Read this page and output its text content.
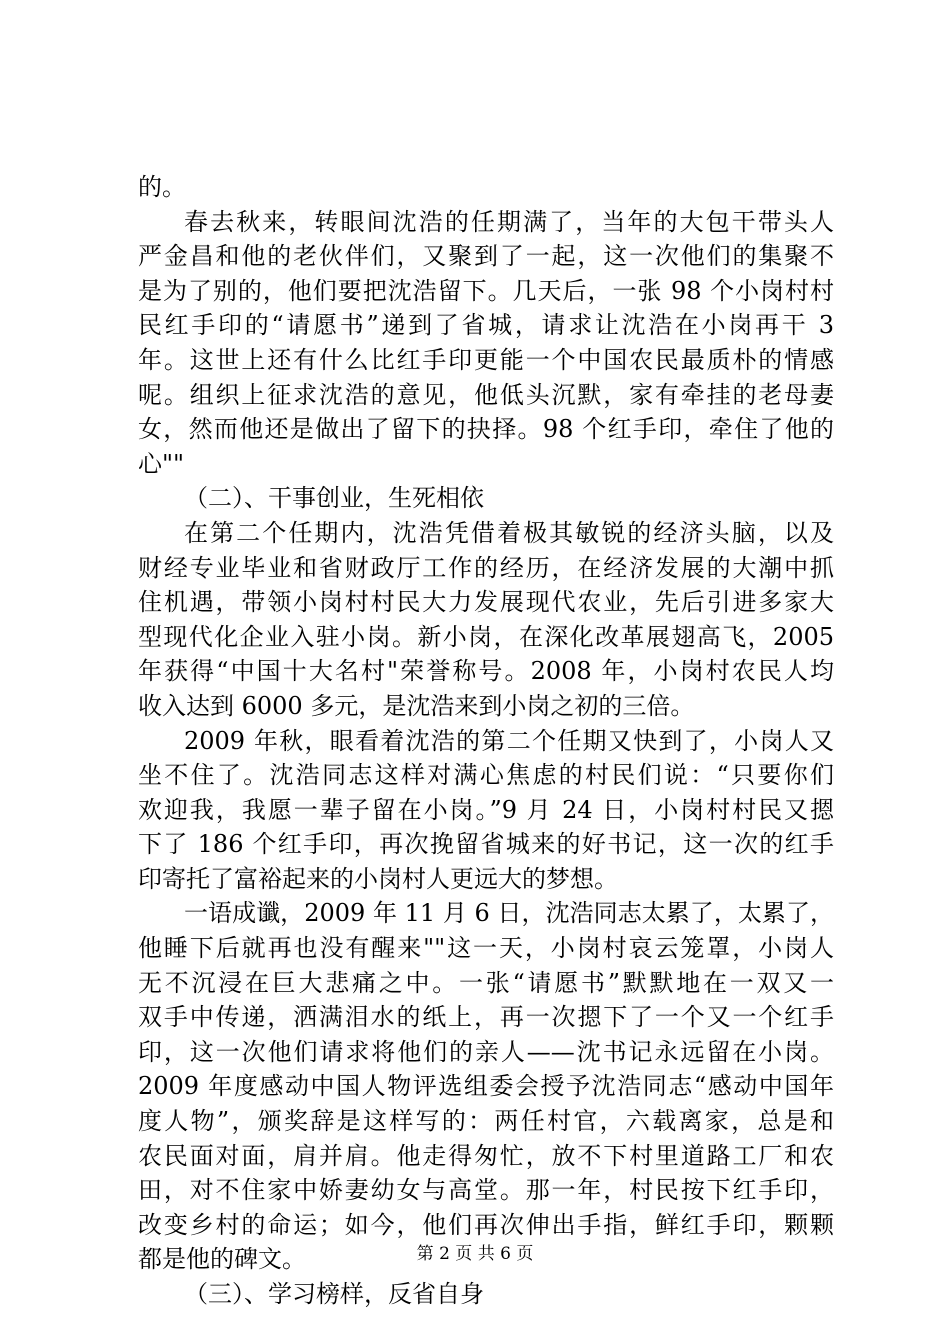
的。
春去秋来，转眼间沈浩的任期满了，当年的大包干带头人
严金昌和他的老伙伴们，又聚到了一起，这一次他们的集聚不
是为了别的，他们要把沈浩留下。几天后，一张 98 个小岗村村
民红手印的“请愿书”递到了省城，请求让沈浩在小岗再干 3
年。这世上还有什么比红手印更能一个中国农民最质朴的情感
呢。组织上征求沈浩的意见，他低头沉默，家有牵挂的老母妻
女，然而他还是做出了留下的抉择。98 个红手印，牵住了他的
心""
（二）、干事创业，生死相依
在第二个任期内，沈浩凭借着极其敏锐的经济头脑，以及
财经专业毕业和省财政厅工作的经历，在经济发展的大潮中抓
住机遇，带领小岗村村民大力发展现代农业，先后引进多家大
型现代化企业入驻小岗。新小岗，在深化改革展翅高飞，2005
年获得“中国十大名村"荣誉称号。2008 年，小岗村农民人均
收入达到 6000 多元，是沈浩来到小岗之初的三倍。
2009 年秋，眼看着沈浩的第二个任期又快到了，小岗人又
坐不住了。沈浩同志这样对满心焦虑的村民们说：“只要你们
欢迎我，我愿一辈子留在小岗。”9 月 24 日，小岗村村民又摁
下了 186 个红手印，再次挽留省城来的好书记，这一次的红手
印寄托了富裕起来的小岗村人更远大的梦想。
一语成谶，2009 年 11 月 6 日，沈浩同志太累了，太累了，
他睡下后就再也没有醒来""这一天，小岗村哀云笼罩，小岗人
无不沉浸在巨大悲痛之中。一张“请愿书”默默地在一双又一
双手中传递，洒满泪水的纸上，再一次摁下了一个又一个红手
印，这一次他们请求将他们的亲人——沈书记永远留在小岗。
2009 年度感动中国人物评选组委会授予沈浩同志“感动中国年
度人物”，颁奖辞是这样写的：两任村官，六载离家，总是和
农民面对面，肩并肩。他走得匆忙，放不下村里道路工厂和农
田，对不住家中娇妻幼女与高堂。那一年，村民按下红手印，
改变乡村的命运；如今，他们再次伸出手指，鲜红手印，颗颗
都是他的碑文。
（三）、学习榜样，反省自身
第 2 页 共 6 页
